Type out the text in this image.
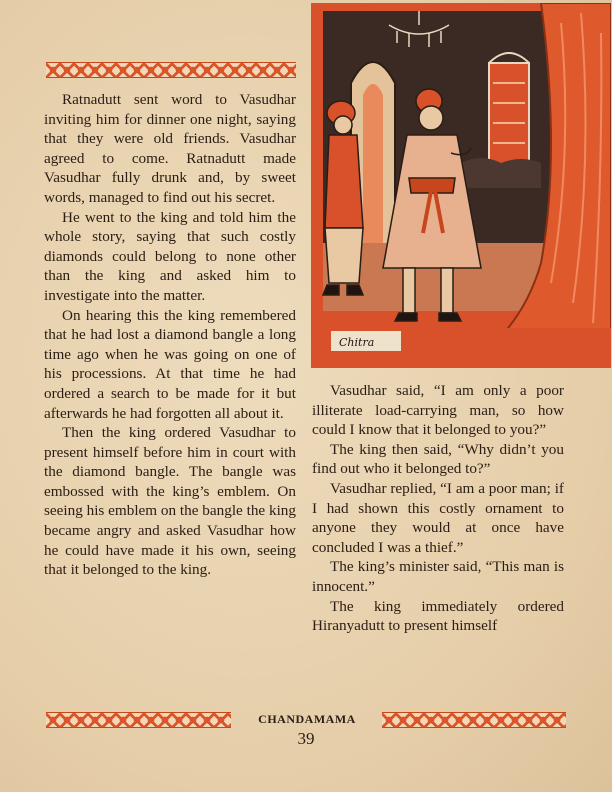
Ratnadutt sent word to Vasudhar inviting him for dinner one night, saying that they were old friends. Vasudhar agreed to come. Ratnadutt made Vasudhar fully drunk and, by sweet words, managed to find out his secret.

He went to the king and told him the whole story, saying that such costly diamonds could belong to none other than the king and asked him to investigate into the matter.

On hearing this the king remembered that he had lost a diamond bangle a long time ago when he was going on one of his processions. At that time he had ordered a search to be made for it but afterwards he had forgotten all about it.

Then the king ordered Vasudhar to present himself before him in court with the diamond bangle. The bangle was embossed with the king’s emblem. On seeing his emblem on the bangle the king became angry and asked Vasudhar how he could have made it his own, seeing that it belonged to the king.

Chitra

Vasudhar said, “I am only a poor illiterate load-carrying man, so how could I know that it belonged to you?”

The king then said, “Why didn’t you find out who it belonged to?”

Vasudhar replied, “I am a poor man; if I had shown this costly ornament to anyone they would at once have concluded I was a thief.”

The king’s minister said, “This man is innocent.”

The king immediately ordered Hiranyadutt to present himself

CHANDAMAMA
39
